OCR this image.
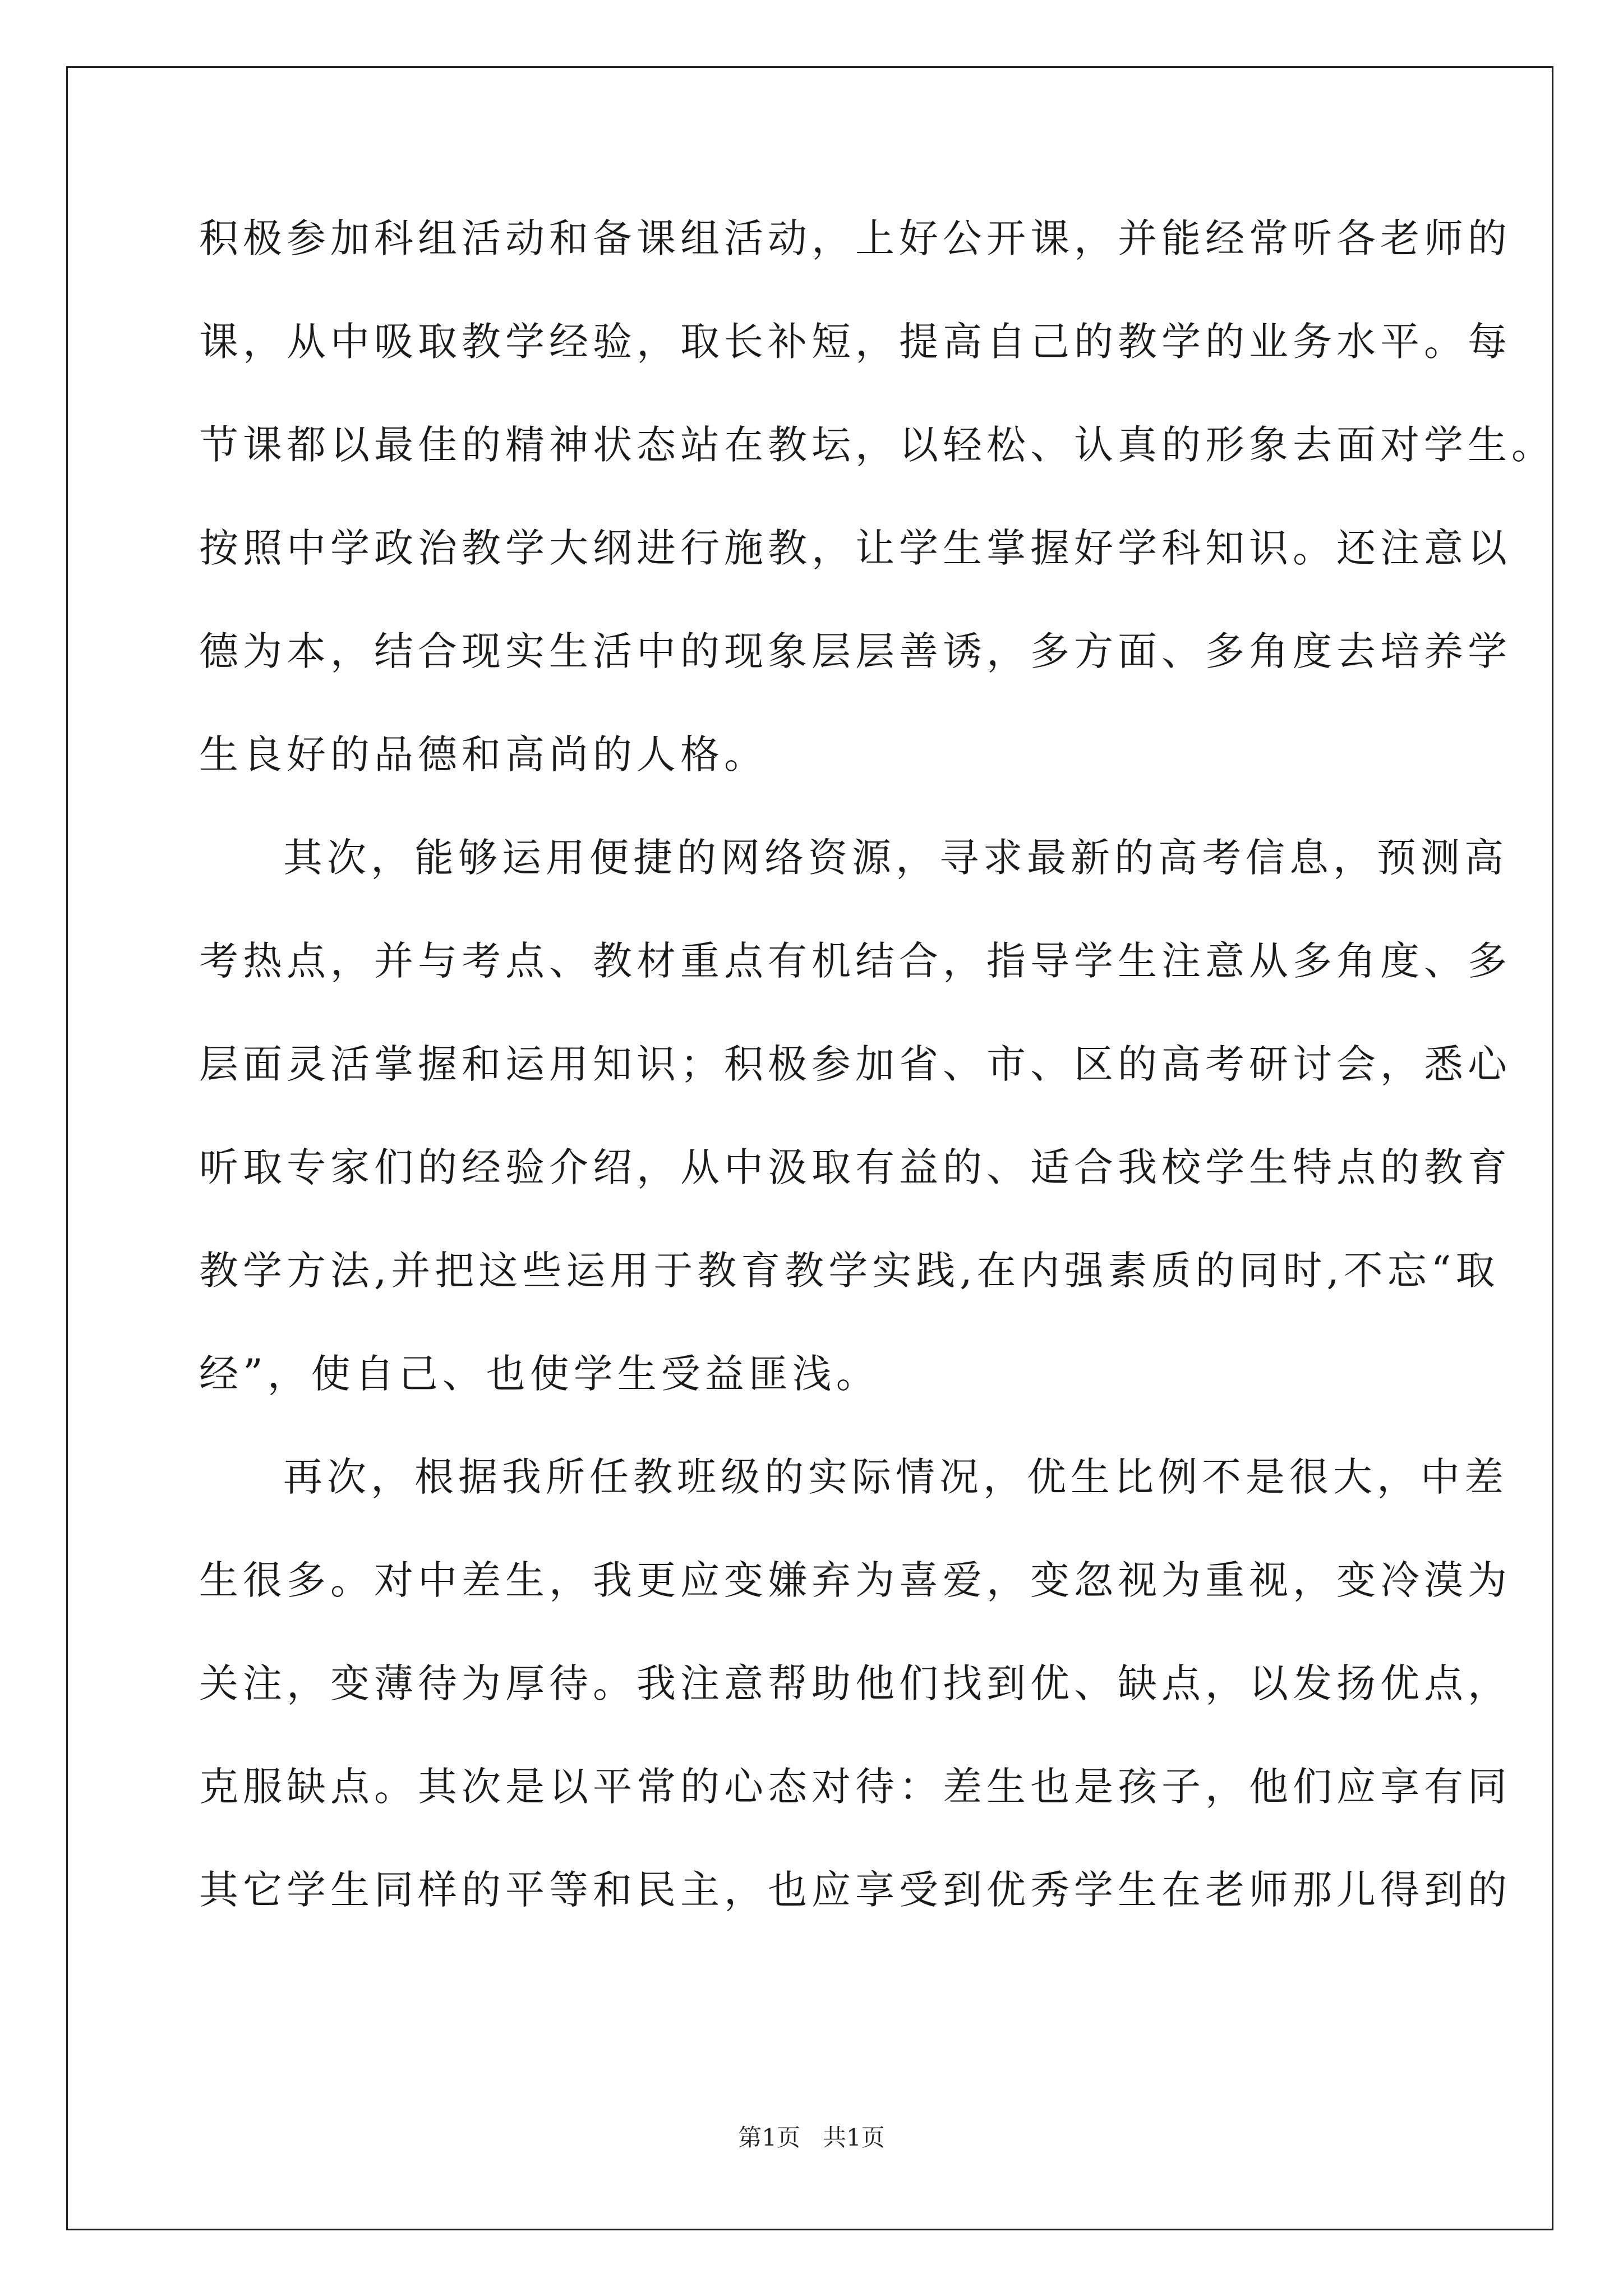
积极参加科组活动和备课组活动，上好公开课，并能经常听各老师的
课，从中吸取教学经验，取长补短，提高自己的教学的业务水平。每
节课都以最佳的精神状态站在教坛，以轻松、认真的形象去面对学生。
按照中学政治教学大纲进行施教，让学生掌握好学科知识。还注意以
德为本，结合现实生活中的现象层层善诱，多方面、多角度去培养学
生良好的品德和高尚的人格。
其次，能够运用便捷的网络资源，寻求最新的高考信息，预测高
考热点，并与考点、教材重点有机结合，指导学生注意从多角度、多
层面灵活掌握和运用知识；积极参加省、市、区的高考研讨会，悉心
听取专家们的经验介绍，从中汲取有益的、适合我校学生特点的教育
教学方法,并把这些运用于教育教学实践,在内强素质的同时,不忘“取
经”，使自己、也使学生受益匪浅。
再次，根据我所任教班级的实际情况，优生比例不是很大，中差
生很多。对中差生，我更应变嫌弃为喜爱，变忽视为重视，变冷漠为
关注，变薄待为厚待。我注意帮助他们找到优、缺点，以发扬优点，
克服缺点。其次是以平常的心态对待：差生也是孩子，他们应享有同
其它学生同样的平等和民主，也应享受到优秀学生在老师那儿得到的
第1页   共1页
